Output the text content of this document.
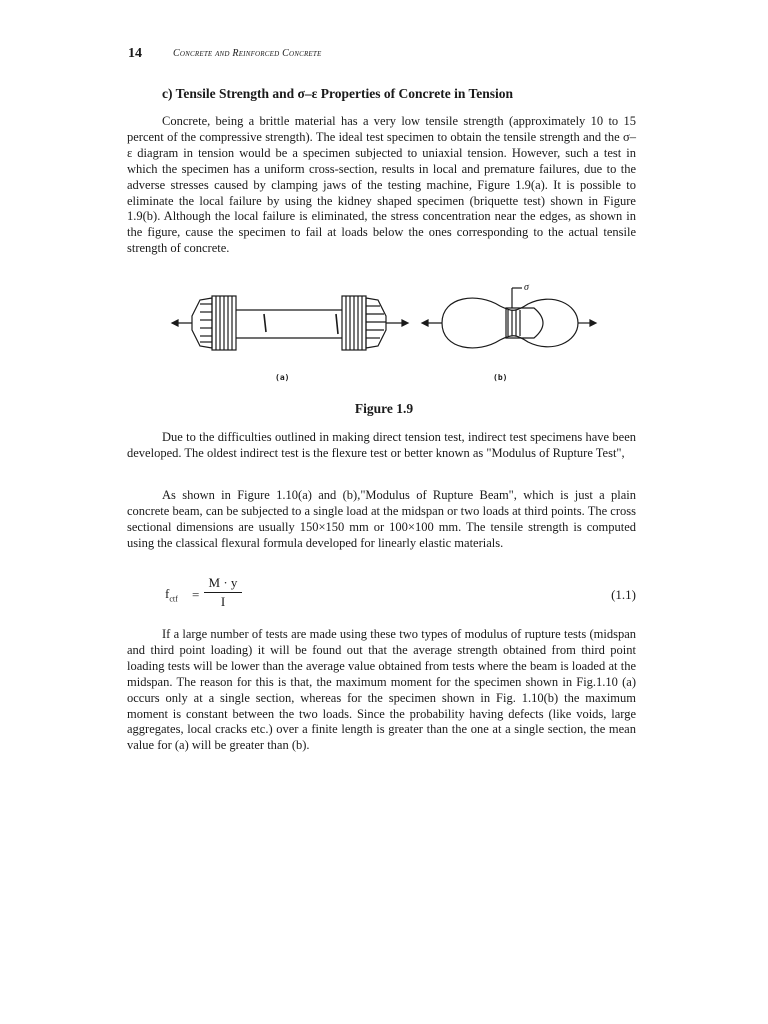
14	Concrete and Reinforced Concrete
c) Tensile Strength and σ–ε Properties of Concrete in Tension

Concrete, being a brittle material has a very low tensile strength (approximately 10 to 15 percent of the compressive strength). The ideal test specimen to obtain the tensile strength and the σ–ε diagram in tension would be a specimen subjected to uniaxial tension. However, such a test in which the specimen has a uniform cross-section, results in local and premature failures, due to the adverse stresses caused by clamping jaws of the testing machine, Figure 1.9(a). It is possible to eliminate the local failure by using the kidney shaped specimen (briquette test) shown in Figure 1.9(b). Although the local failure is eliminated, the stress concentration near the edges, as shown in the figure, cause the specimen to fail at loads below the ones corresponding to the actual tensile strength of concrete.

σ
(a)	(b)
Figure 1.9

Due to the difficulties outlined in making direct tension test, indirect test specimens have been developed. The oldest indirect test is the flexure test or better known as "Modulus of Rupture Test",

As shown in Figure 1.10(a) and (b),"Modulus of Rupture Beam", which is just a plain concrete beam, can be subjected to a single load at the midspan or two loads at third points. The cross sectional dimensions are usually 150×150 mm or 100×100 mm. The tensile strength is computed using the classical flexural formula developed for linearly elastic materials.

$f_{ctf}$ =
M · y
I	(1.1)

If a large number of tests are made using these two types of modulus of rupture tests (midspan and third point loading) it will be found out that the average strength obtained from third point loading tests will be lower than the average value obtained from tests where the beam is loaded at the midspan. The reason for this is that, the maximum moment for the specimen shown in Fig.1.10 (a) occurs only at a single section, whereas for the specimen shown in Fig. 1.10(b) the maximum moment is constant between the two loads. Since the probability having defects (like voids, large aggregates, local cracks etc.) over a finite length is greater than the one at a single section, the mean value for (a) will be greater than (b).
